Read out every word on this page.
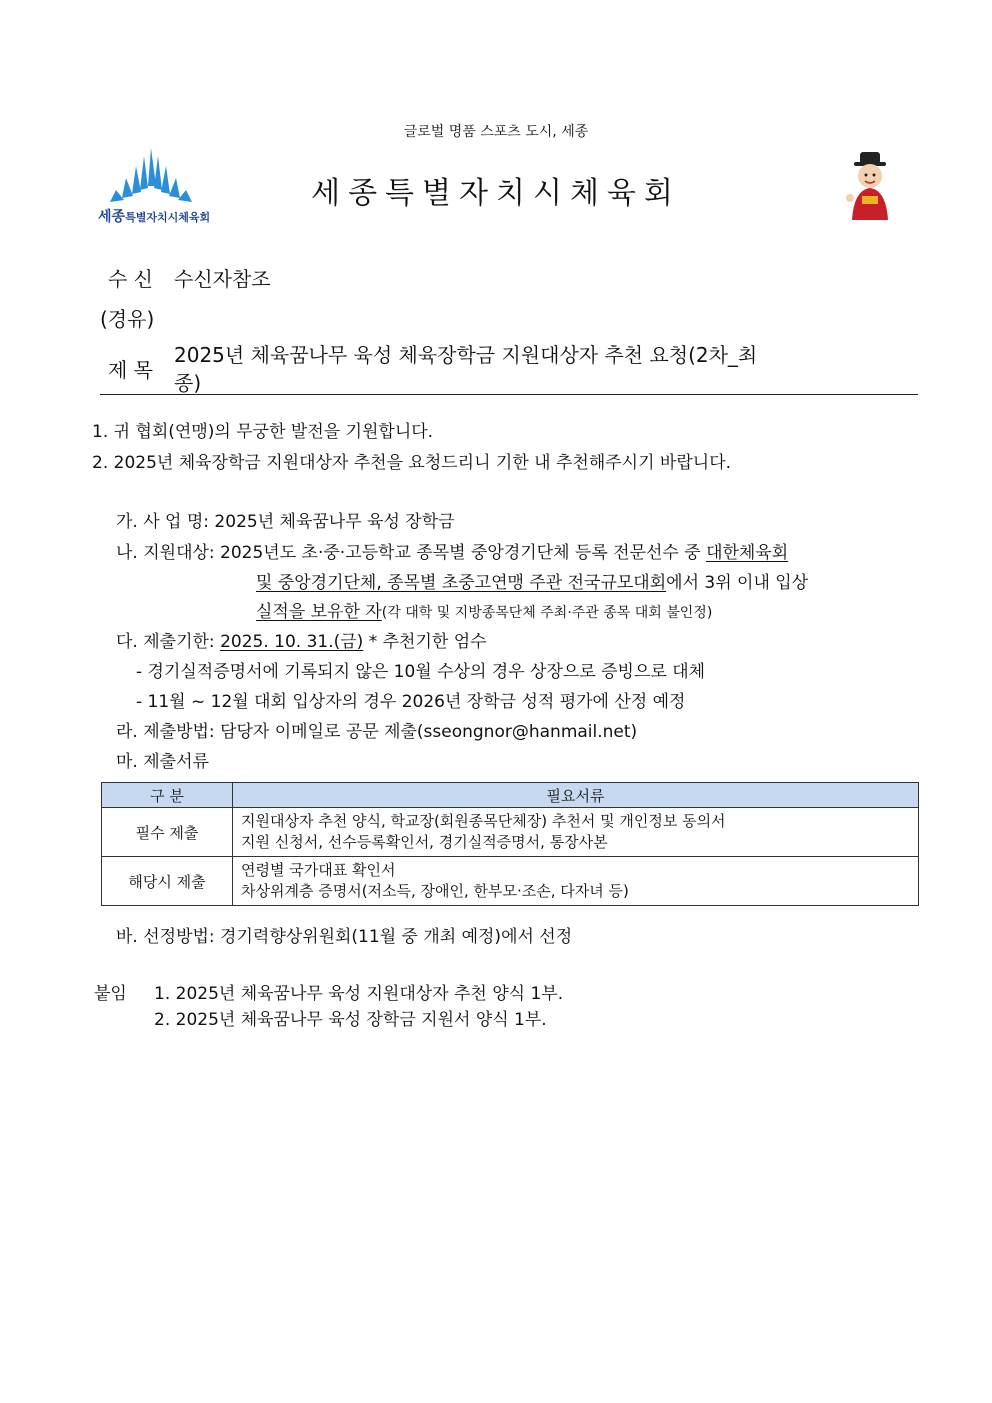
글로벌 명품 스포츠 도시, 세종
세종특별자치시체육회
세종특별자치시체육회
수 신 수신자참조
(경유)
제 목
2025년 체육꿈나무 육성 체육장학금 지원대상자 추천 요청(2차_최
종)
1. 귀 협회(연맹)의 무궁한 발전을 기원합니다.
2. 2025년 체육장학금 지원대상자 추천을 요청드리니 기한 내 추천해주시기 바랍니다.
가. 사 업 명: 2025년 체육꿈나무 육성 장학금
나. 지원대상: 2025년도 초·중·고등학교 종목별 중앙경기단체 등록 전문선수 중 대한체육회
및 중앙경기단체, 종목별 초중고연맹 주관 전국규모대회에서 3위 이내 입상
실적을 보유한 자(각 대학 및 지방종목단체 주최·주관 종목 대회 불인정)
다. 제출기한: 2025. 10. 31.(금) * 추천기한 엄수
- 경기실적증명서에 기록되지 않은 10월 수상의 경우 상장으로 증빙으로 대체
- 11월 ~ 12월 대회 입상자의 경우 2026년 장학금 성적 평가에 산정 예정
라. 제출방법: 담당자 이메일로 공문 제출(sseongnor@hanmail.net)
마. 제출서류
구 분	필요서류
필수 제출	지원대상자 추천 양식, 학교장(회원종목단체장) 추천서 및 개인정보 동의서
지원 신청서, 선수등록확인서, 경기실적증명서, 통장사본

해당시 제출	연령별 국가대표 확인서
차상위계층 증명서(저소득, 장애인, 한부모·조손, 다자녀 등)
바. 선정방법: 경기력향상위원회(11월 중 개최 예정)에서 선정
붙임 1. 2025년 체육꿈나무 육성 지원대상자 추천 양식 1부.
2. 2025년 체육꿈나무 육성 장학금 지원서 양식 1부.
